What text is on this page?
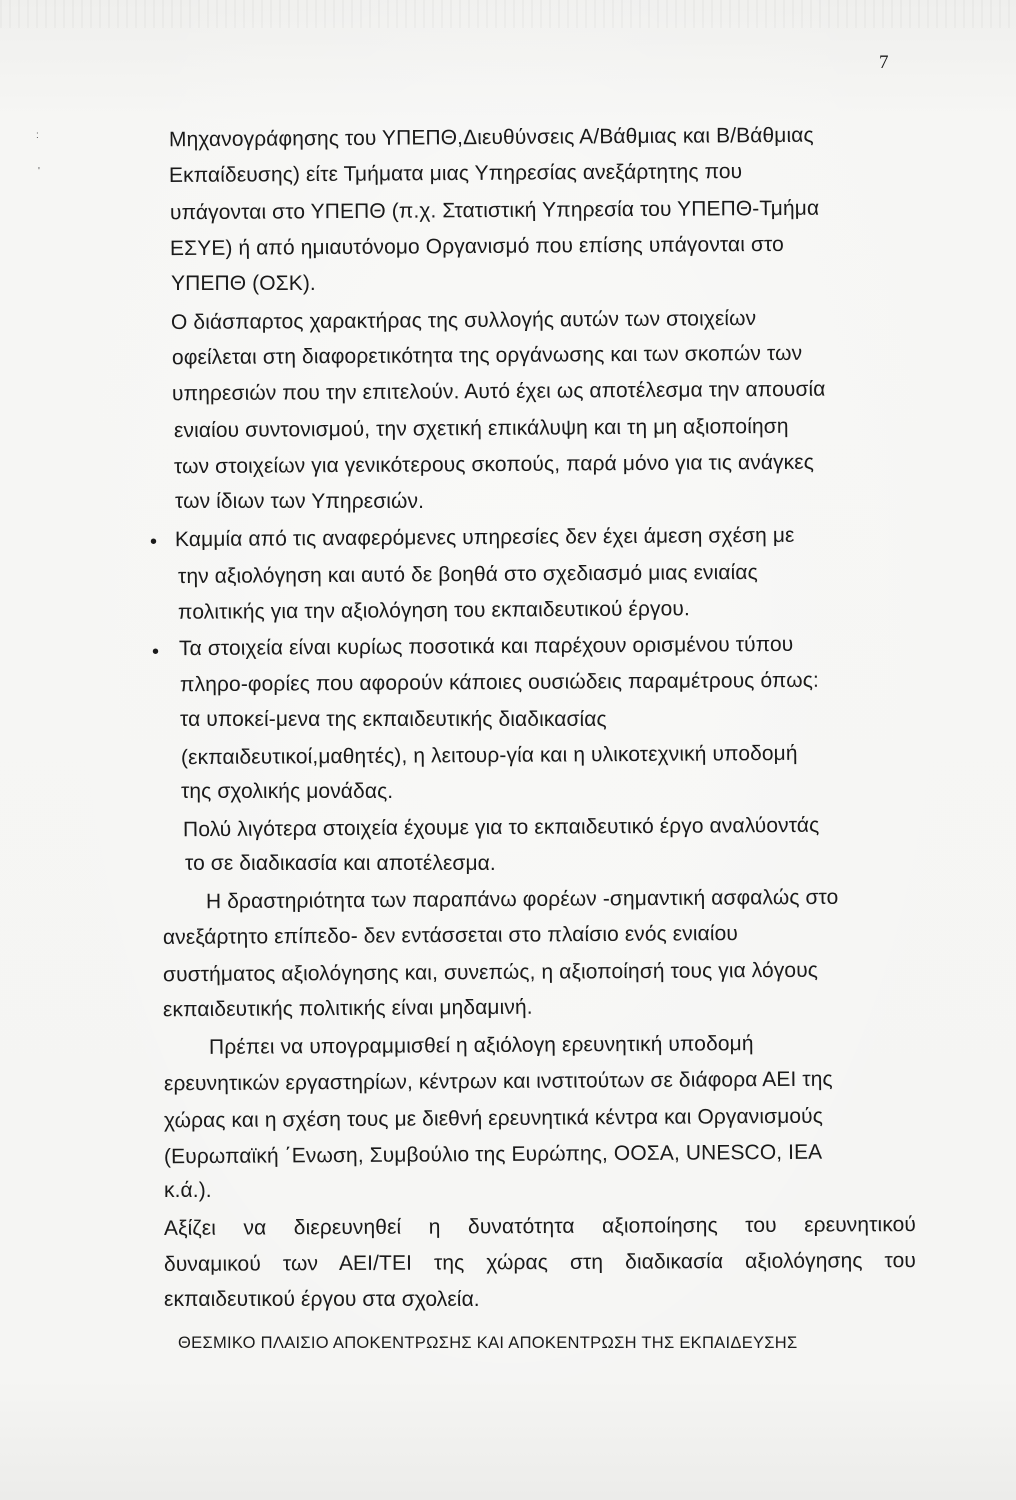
:
'
7
Μηχανογράφησης του ΥΠΕΠΘ,Διευθύνσεις Α/Βάθμιας και Β/Βάθμιας
Εκπαίδευσης) είτε Τμήματα μιας Υπηρεσίας ανεξάρτητης που
υπάγονται στο ΥΠΕΠΘ (π.χ. Στατιστική Υπηρεσία του ΥΠΕΠΘ-Τμήμα
ΕΣΥΕ) ή από ημιαυτόνομο Οργανισμό που επίσης υπάγονται στο
ΥΠΕΠΘ (ΟΣΚ).
Ο διάσπαρτος χαρακτήρας της συλλογής αυτών των στοιχείων
οφείλεται στη διαφορετικότητα της οργάνωσης και των σκοπών των
υπηρεσιών που την επιτελούν. Αυτό έχει ως αποτέλεσμα την απουσία
ενιαίου συντονισμού, την σχετική επικάλυψη και τη μη αξιοποίηση
των στοιχείων για γενικότερους σκοπούς, παρά μόνο για τις ανάγκες
των ίδιων των Υπηρεσιών.
• Καμμία από τις αναφερόμενες υπηρεσίες δεν έχει άμεση σχέση με
την αξιολόγηση και αυτό δε βοηθά στο σχεδιασμό μιας ενιαίας
πολιτικής για την αξιολόγηση του εκπαιδευτικού έργου.
• Τα στοιχεία είναι κυρίως ποσοτικά και παρέχουν ορισμένου τύπου
πληρο-φορίες που αφορούν κάποιες ουσιώδεις παραμέτρους όπως:
τα υποκεί-μενα της εκπαιδευτικής διαδικασίας
(εκπαιδευτικοί,μαθητές), η λειτουρ-γία και η υλικοτεχνική υποδομή
της σχολικής μονάδας.
Πολύ λιγότερα στοιχεία έχουμε για το εκπαιδευτικό έργο αναλύοντάς
το σε διαδικασία και αποτέλεσμα.
Η δραστηριότητα των παραπάνω φορέων -σημαντική ασφαλώς στο
ανεξάρτητο επίπεδο- δεν εντάσσεται στο πλαίσιο ενός ενιαίου
συστήματος αξιολόγησης και, συνεπώς, η αξιοποίησή τους για λόγους
εκπαιδευτικής πολιτικής είναι μηδαμινή.
Πρέπει να υπογραμμισθεί η αξιόλογη ερευνητική υποδομή
ερευνητικών εργαστηρίων, κέντρων και ινστιτούτων σε διάφορα ΑΕΙ της
χώρας και η σχέση τους με διεθνή ερευνητικά κέντρα και Οργανισμούς
(Ευρωπαϊκή ΄Ενωση, Συμβούλιο της Ευρώπης, ΟΟΣΑ, UNESCO, ΙΕΑ
κ.ά.).
Αξίζει να διερευνηθεί η δυνατότητα αξιοποίησης του ερευνητικού
δυναμικού των ΑΕΙ/ΤΕΙ της χώρας στη διαδικασία αξιολόγησης του
εκπαιδευτικού έργου στα σχολεία.
ΘΕΣΜΙΚΟ ΠΛΑΙΣΙΟ ΑΠΟΚΕΝΤΡΩΣΗΣ ΚΑΙ ΑΠΟΚΕΝΤΡΩΣΗ ΤΗΣ ΕΚΠΑΙΔΕΥΣΗΣ
